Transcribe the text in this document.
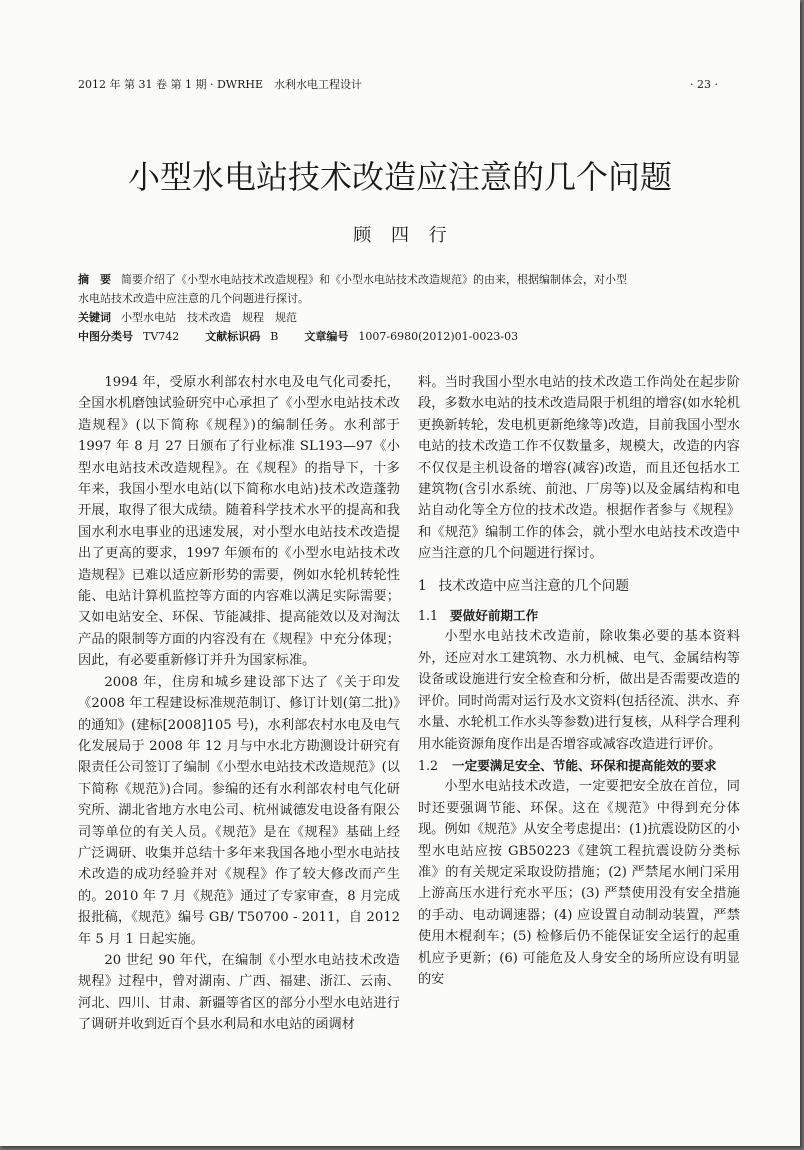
2012 年 第 31 卷 第 1 期 · DWRHE　水利水电工程设计	· 23 ·
小型水电站技术改造应注意的几个问题
顾 四 行
摘　要 简要介绍了《小型水电站技术改造规程》和《小型水电站技术改造规范》的由来，根据编制体会，对小型
水电站技术改造中应注意的几个问题进行探讨。
关键词 小型水电站　技术改造　规程　规范
中图分类号 TV742 文献标识码 B 文章编号 1007-6980(2012)01-0023-03

1994 年，受原水利部农村水电及电气化司委托，全国水机磨蚀试验研究中心承担了《小型水电站技术改造规程》(以下简称《规程》)的编制任务。水利部于 1997 年 8 月 27 日颁布了行业标准 SL193—97《小型水电站技术改造规程》。在《规程》的指导下，十多年来，我国小型水电站(以下简称水电站)技术改造蓬勃开展，取得了很大成绩。随着科学技术水平的提高和我国水利水电事业的迅速发展，对小型水电站技术改造提出了更高的要求，1997 年颁布的《小型水电站技术改造规程》已难以适应新形势的需要，例如水轮机转轮性能、电站计算机监控等方面的内容难以满足实际需要；又如电站安全、环保、节能减排、提高能效以及对淘汰产品的限制等方面的内容没有在《规程》中充分体现；因此，有必要重新修订并升为国家标准。

2008 年，住房和城乡建设部下达了《关于印发《2008 年工程建设标准规范制订、修订计划(第二批)》的通知》(建标[2008]105 号)，水利部农村水电及电气化发展局于 2008 年 12 月与中水北方勘测设计研究有限责任公司签订了编制《小型水电站技术改造规范》(以下简称《规范》)合同。参编的还有水利部农村电气化研究所、湖北省地方水电公司、杭州诚德发电设备有限公司等单位的有关人员。《规范》是在《规程》基础上经广泛调研、收集并总结十多年来我国各地小型水电站技术改造的成功经验并对《规程》作了较大修改而产生的。2010 年 7 月《规范》通过了专家审查，8 月完成报批稿，《规范》编号 GB/ T50700 - 2011，自 2012 年 5 月 1 日起实施。

20 世纪 90 年代，在编制《小型水电站技术改造规程》过程中，曾对湖南、广西、福建、浙江、云南、河北、四川、甘肃、新疆等省区的部分小型水电站进行了调研并收到近百个县水利局和水电站的函调材

料。当时我国小型水电站的技术改造工作尚处在起步阶段，多数水电站的技术改造局限于机组的增容(如水轮机更换新转轮，发电机更新绝缘等)改造，目前我国小型水电站的技术改造工作不仅数量多，规模大，改造的内容不仅仅是主机设备的增容(减容)改造，而且还包括水工建筑物(含引水系统、前池、厂房等)以及金属结构和电站自动化等全方位的技术改造。根据作者参与《规程》和《规范》编制工作的体会，就小型水电站技术改造中应当注意的几个问题进行探讨。

1 技术改造中应当注意的几个问题
1.1 要做好前期工作

小型水电站技术改造前，除收集必要的基本资料外，还应对水工建筑物、水力机械、电气、金属结构等设备或设施进行安全检查和分析，做出是否需要改造的评价。同时尚需对运行及水文资料(包括径流、洪水、弃水量、水轮机工作水头等参数)进行复核，从科学合理利用水能资源角度作出是否增容或减容改造进行评价。

1.2	一定要满足安全、节能、环保和提高能效的要求

小型水电站技术改造，一定要把安全放在首位，同时还要强调节能、环保。这在《规范》中得到充分体现。例如《规范》从安全考虑提出：(1)抗震设防区的小型水电站应按 GB50223《建筑工程抗震设防分类标准》的有关规定采取设防措施；(2) 严禁尾水闸门采用上游高压水进行充水平压；(3) 严禁使用没有安全措施的手动、电动调速器；(4) 应设置自动制动装置，严禁使用木棍刹车；(5) 检修后仍不能保证安全运行的起重机应予更新；(6) 可能危及人身安全的场所应设有明显的安
